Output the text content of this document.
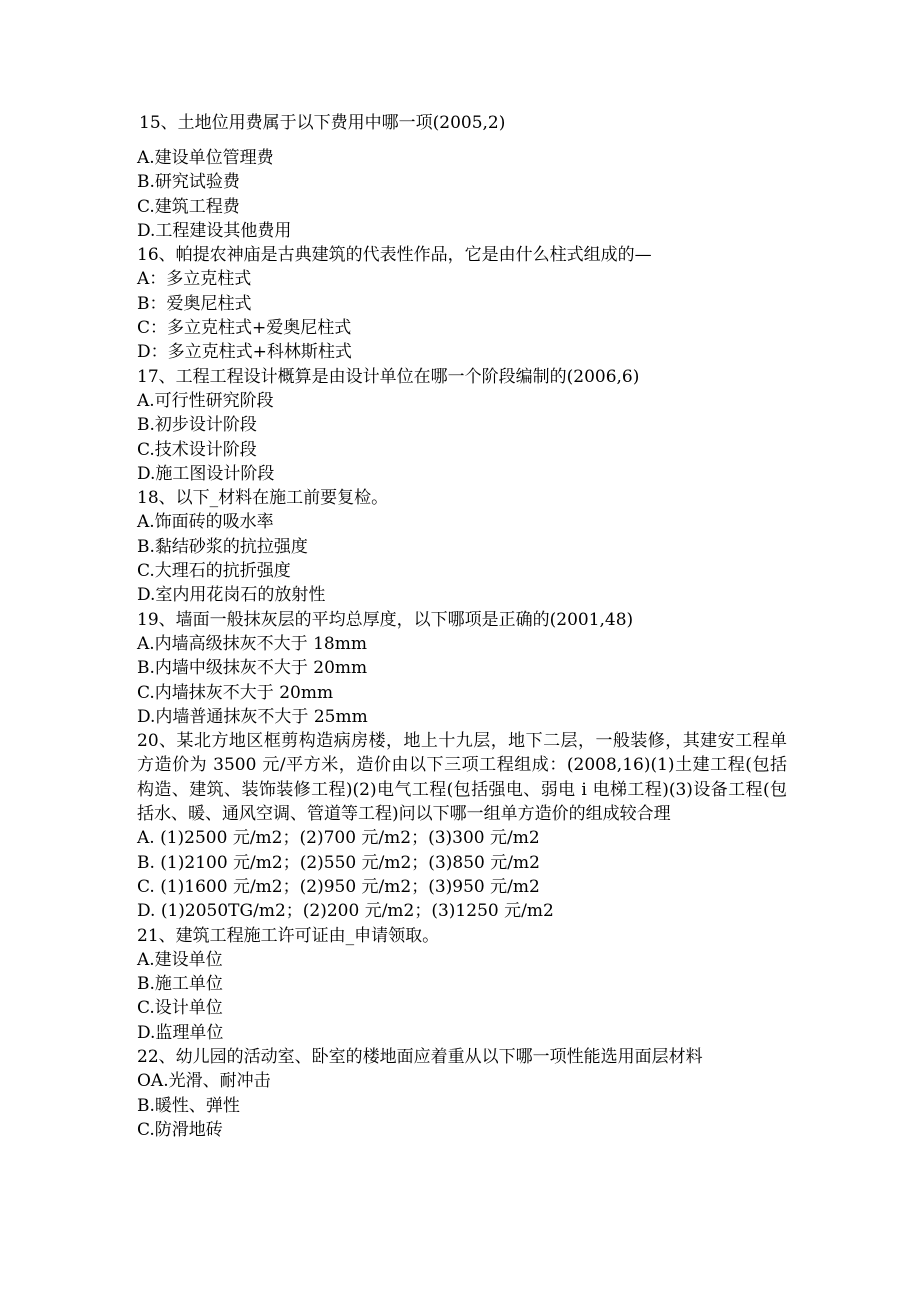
15、土地位用费属于以下费用中哪一项(2005,2)
A.建设单位管理费
B.研究试验费
C.建筑工程费
D.工程建设其他费用
16、帕提农神庙是古典建筑的代表性作品，它是由什么柱式组成的—
A：多立克柱式
B：爱奥尼柱式
C：多立克柱式+爱奥尼柱式
D：多立克柱式+科林斯柱式
17、工程工程设计概算是由设计单位在哪一个阶段编制的(2006,6)
A.可行性研究阶段
B.初步设计阶段
C.技术设计阶段
D.施工图设计阶段
18、以下_材料在施工前要复检。
A.饰面砖的吸水率
B.黏结砂浆的抗拉强度
C.大理石的抗折强度
D.室内用花岗石的放射性
19、墙面一般抹灰层的平均总厚度，以下哪项是正确的(2001,48)
A.内墙高级抹灰不大于 18mm
B.内墙中级抹灰不大于 20mm
C.内墙抹灰不大于 20mm
D.内墙普通抹灰不大于 25mm
20、某北方地区框剪构造病房楼，地上十九层，地下二层，一般装修，其建安工程单方造价为 3500 元/平方米，造价由以下三项工程组成：(2008,16)(1)土建工程(包括构造、建筑、装饰装修工程)(2)电气工程(包括强电、弱电 i 电梯工程)(3)设备工程(包括水、暖、通风空调、管道等工程)问以下哪一组单方造价的组成较合理
A. (1)2500 元/m2；(2)700 元/m2；(3)300 元/m2
B. (1)2100 元/m2；(2)550 元/m2；(3)850 元/m2
C. (1)1600 元/m2；(2)950 元/m2；(3)950 元/m2
D. (1)2050TG/m2；(2)200 元/m2；(3)1250 元/m2
21、建筑工程施工许可证由_申请领取。
A.建设单位
B.施工单位
C.设计单位
D.监理单位
22、幼儿园的活动室、卧室的楼地面应着重从以下哪一项性能选用面层材料
OA.光滑、耐冲击
B.暖性、弹性
C.防滑地砖
